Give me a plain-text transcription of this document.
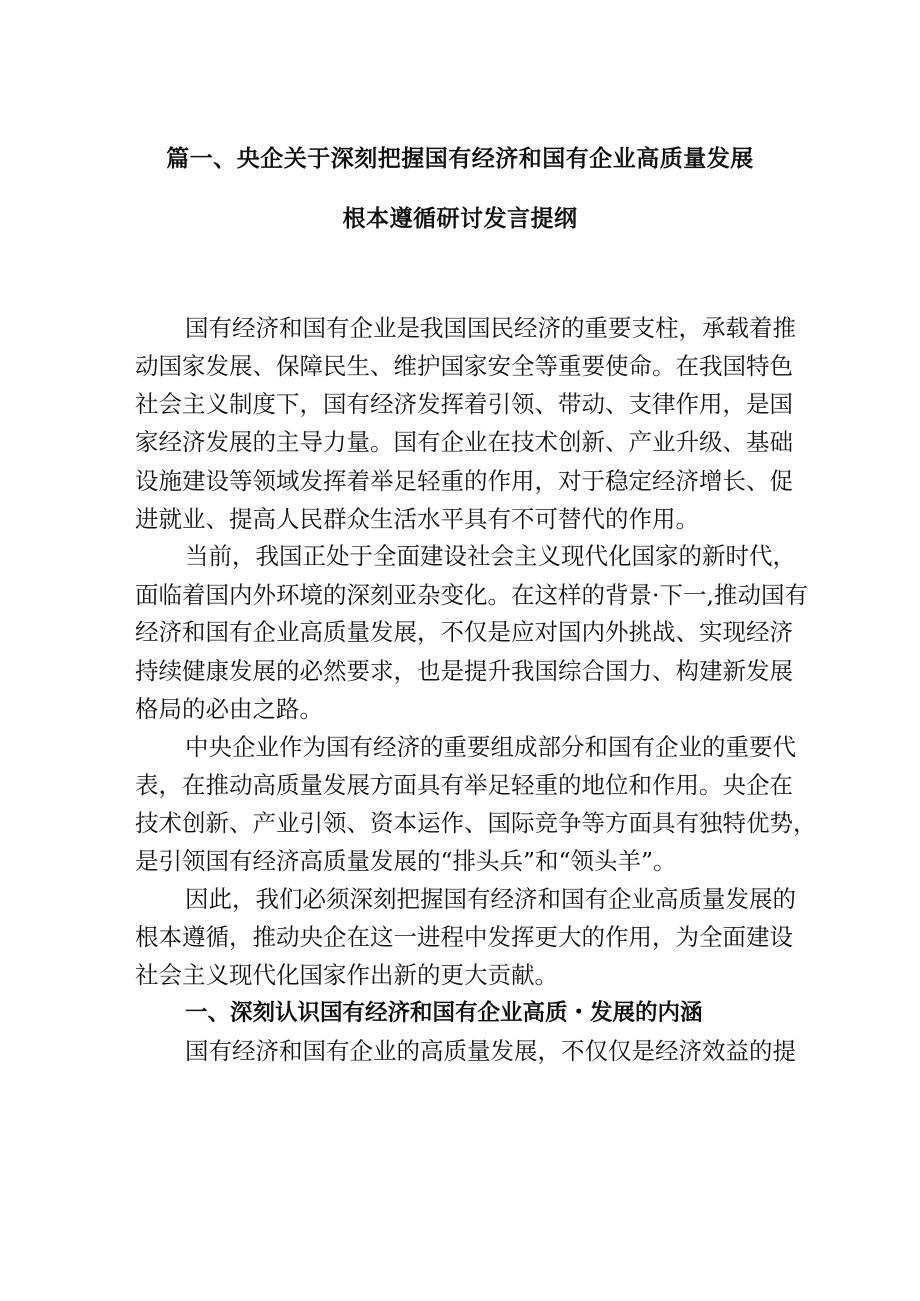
篇一、央企关于深刻把握国有经济和国有企业高质量发展
根本遵循研讨发言提纲
国有经济和国有企业是我国国民经济的重要支柱，承载着推
动国家发展、保障民生、维护国家安全等重要使命。在我国特色
社会主义制度下，国有经济发挥着引领、带动、支律作用，是国
家经济发展的主导力量。国有企业在技术创新、产业升级、基础
设施建设等领域发挥着举足轻重的作用，对于稳定经济增长、促
进就业、提高人民群众生活水平具有不可替代的作用。
当前，我国正处于全面建设社会主义现代化国家的新时代，
面临着国内外环境的深刻亚杂变化。在这样的背景·下一,推动国有
经济和国有企业高质量发展，不仅是应对国内外挑战、实现经济
持续健康发展的必然要求，也是提升我国综合国力、构建新发展
格局的必由之路。
中央企业作为国有经济的重要组成部分和国有企业的重要代
表，在推动高质量发展方面具有举足轻重的地位和作用。央企在
技术创新、产业引领、资本运作、国际竞争等方面具有独特优势，
是引领国有经济高质量发展的“排头兵”和“领头羊”。
因此，我们必须深刻把握国有经济和国有企业高质量发展的
根本遵循，推动央企在这一进程中发挥更大的作用，为全面建设
社会主义现代化国家作出新的更大贡献。
一、深刻认识国有经济和国有企业高质・发展的内涵
国有经济和国有企业的高质量发展，不仅仅是经济效益的提
